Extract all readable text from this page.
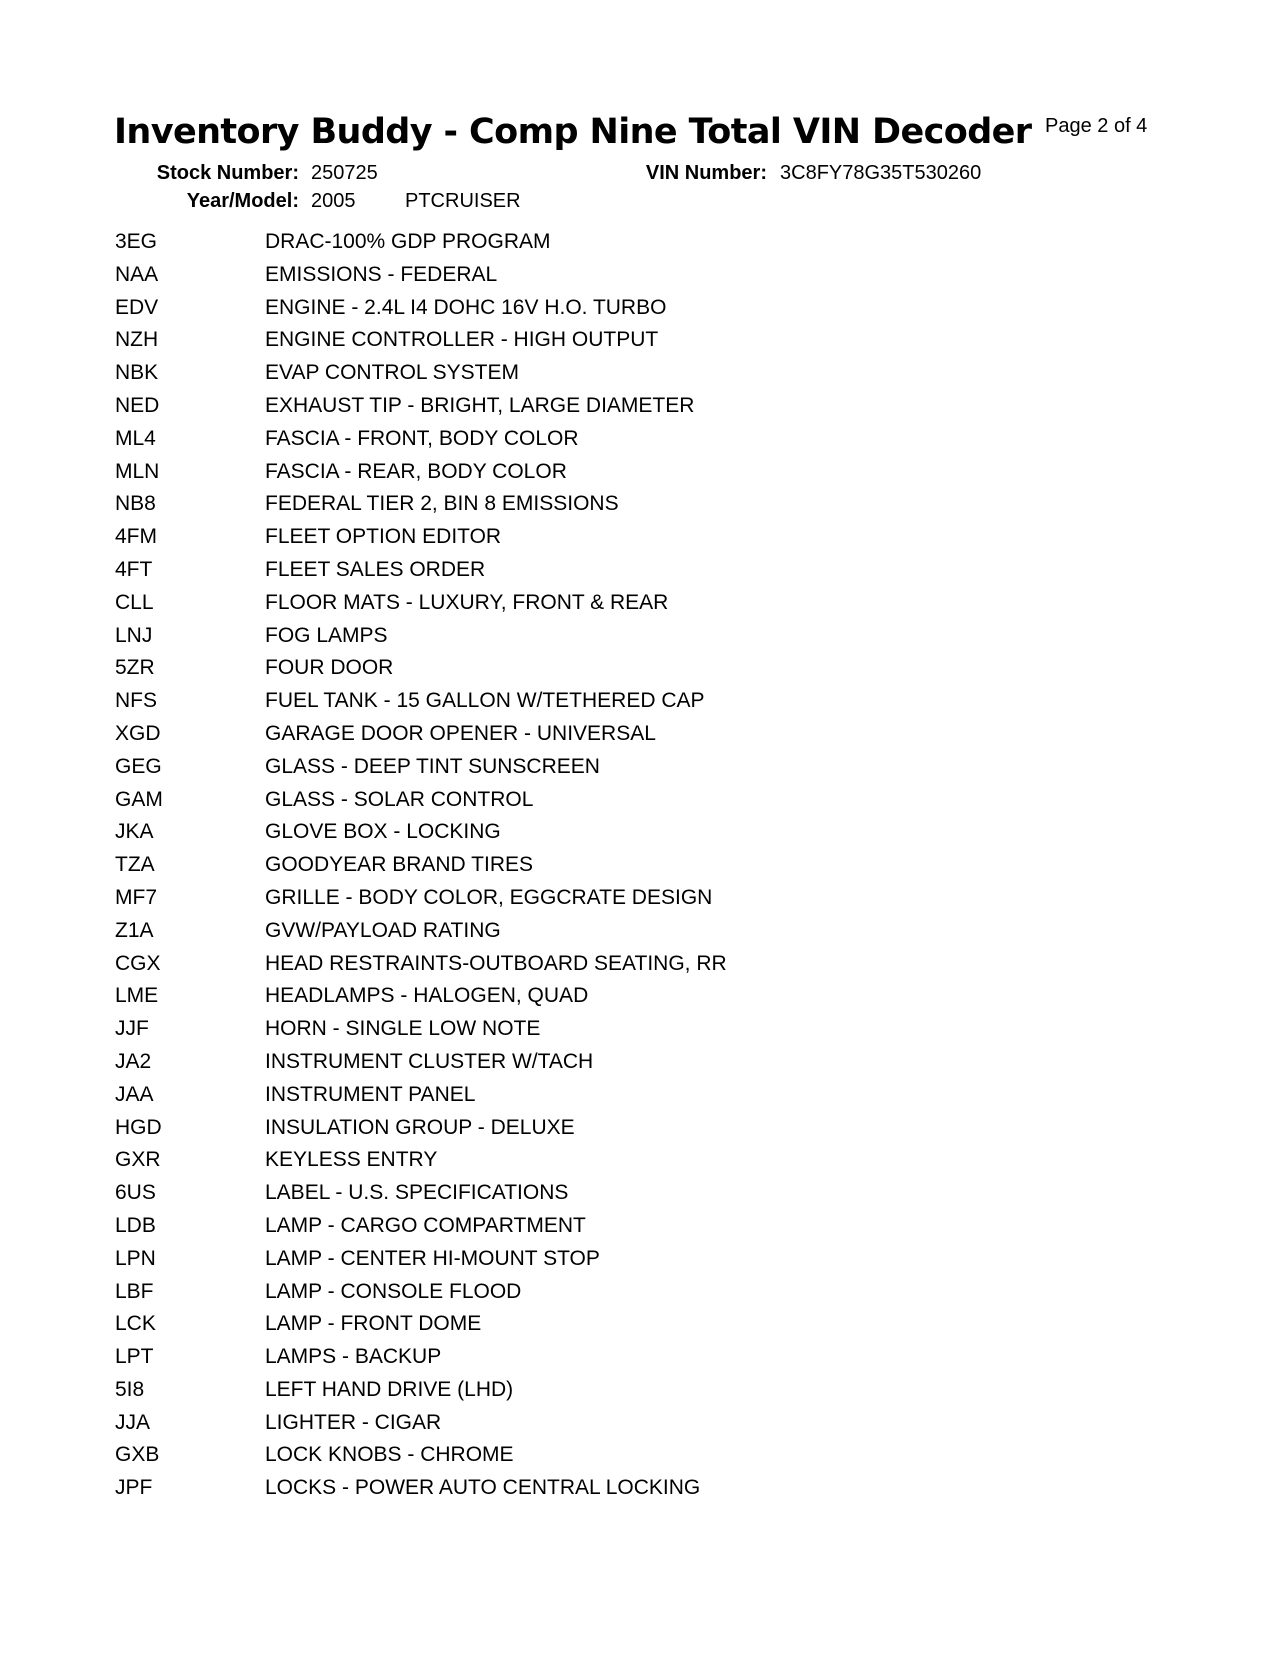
Inventory Buddy - Comp Nine Total VIN Decoder Page 2 of 4
Stock Number: 250725
Year/Model: 2005 PTCRUISER
VIN Number: 3C8FY78G35T530260
3EG	DRAC-100% GDP PROGRAM
NAA	EMISSIONS - FEDERAL
EDV	ENGINE - 2.4L I4 DOHC 16V H.O. TURBO
NZH	ENGINE CONTROLLER - HIGH OUTPUT
NBK	EVAP CONTROL SYSTEM
NED	EXHAUST TIP - BRIGHT, LARGE DIAMETER
ML4	FASCIA - FRONT, BODY COLOR
MLN	FASCIA - REAR, BODY COLOR
NB8	FEDERAL TIER 2, BIN 8 EMISSIONS
4FM	FLEET OPTION EDITOR
4FT	FLEET SALES ORDER
CLL	FLOOR MATS - LUXURY, FRONT & REAR
LNJ	FOG LAMPS
5ZR	FOUR DOOR
NFS	FUEL TANK - 15 GALLON W/TETHERED CAP
XGD	GARAGE DOOR OPENER - UNIVERSAL
GEG	GLASS - DEEP TINT SUNSCREEN
GAM	GLASS - SOLAR CONTROL
JKA	GLOVE BOX - LOCKING
TZA	GOODYEAR BRAND TIRES
MF7	GRILLE - BODY COLOR, EGGCRATE DESIGN
Z1A	GVW/PAYLOAD RATING
CGX	HEAD RESTRAINTS-OUTBOARD SEATING, RR
LME	HEADLAMPS - HALOGEN, QUAD
JJF	HORN - SINGLE LOW NOTE
JA2	INSTRUMENT CLUSTER W/TACH
JAA	INSTRUMENT PANEL
HGD	INSULATION GROUP - DELUXE
GXR	KEYLESS ENTRY
6US	LABEL - U.S. SPECIFICATIONS
LDB	LAMP - CARGO COMPARTMENT
LPN	LAMP - CENTER HI-MOUNT STOP
LBF	LAMP - CONSOLE FLOOD
LCK	LAMP - FRONT DOME
LPT	LAMPS - BACKUP
5I8	LEFT HAND DRIVE (LHD)
JJA	LIGHTER - CIGAR
GXB	LOCK KNOBS - CHROME
JPF	LOCKS - POWER AUTO CENTRAL LOCKING
